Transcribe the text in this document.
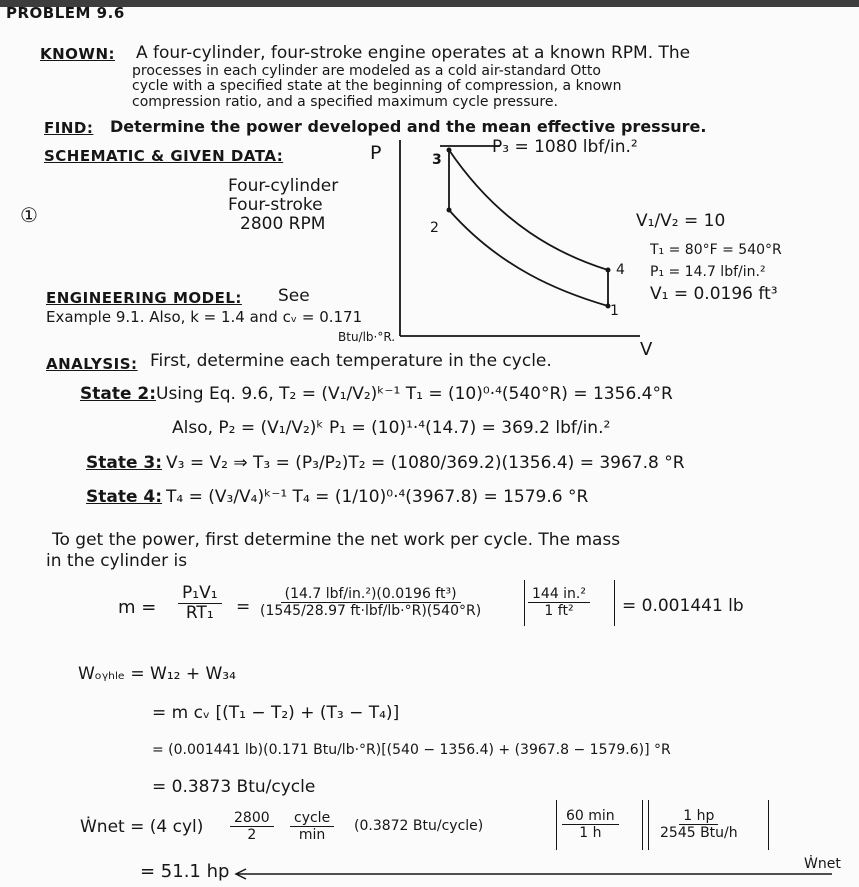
PROBLEM 9.6
KNOWN: A four-cylinder, four-stroke engine operates at a known RPM. The
processes in each cylinder are modeled as a cold air-standard Otto
cycle with a specified state at the beginning of compression, a known
compression ratio, and a specified maximum cycle pressure.
FIND: Determine the power developed and the mean effective pressure.
SCHEMATIC & GIVEN DATA:
Four-cylinder
Four-stroke
2800 RPM
①
P
V
P₃ = 1080 lbf/in.²
1
2
3
4
V₁/V₂ = 10
T₁ = 80°F = 540°R
P₁ = 14.7 lbf/in.²
V₁ = 0.0196 ft³
ENGINEERING MODEL: See
Example 9.1. Also, k = 1.4 and cᵥ = 0.171
Btu/lb·°R.
ANALYSIS: First, determine each temperature in the cycle.
State 2: Using Eq. 9.6, T₂ = (V₁/V₂)ᵏ⁻¹ T₁ = (10)⁰·⁴(540°R) = 1356.4°R
Also, P₂ = (V₁/V₂)ᵏ P₁ = (10)¹·⁴(14.7) = 369.2 lbf/in.²
State 3: V₃ = V₂ ⇒ T₃ = (P₃/P₂)T₂ = (1080/369.2)(1356.4) = 3967.8 °R
State 4: T₄ = (V₃/V₄)ᵏ⁻¹ T₄ = (1/10)⁰·⁴(3967.8) = 1579.6 °R
To get the power, first determine the net work per cycle. The mass
in the cylinder is
$m = \frac{\text{P₁V₁}}{\text{RT₁}}$ =
(14.7 lbf/in.²)(0.0196 ft³)
(1545/28.97 ft·lbf/lb·°R)(540°R)	$\frac{\text{144 in.²}}{\text{1 ft²}} = 0.001441$ lb
Wₒᵧₕₗₑ = W₁₂ + W₃₄
= m cᵥ [(T₁ − T₂) + (T₃ − T₄)]
= (0.001441 lb)(0.171 Btu/lb·°R)[(540 − 1356.4) + (3967.8 − 1579.6)] °R
= 0.3873 Btu/cycle
Ẇnet = (4 $cyl) \frac{2800}{2}$ cycle
min
(0.3872 Btu/cycle)
60 min
1 h
1 hp
2545 Btu/h
= 51.1 hp	Ẇnet
